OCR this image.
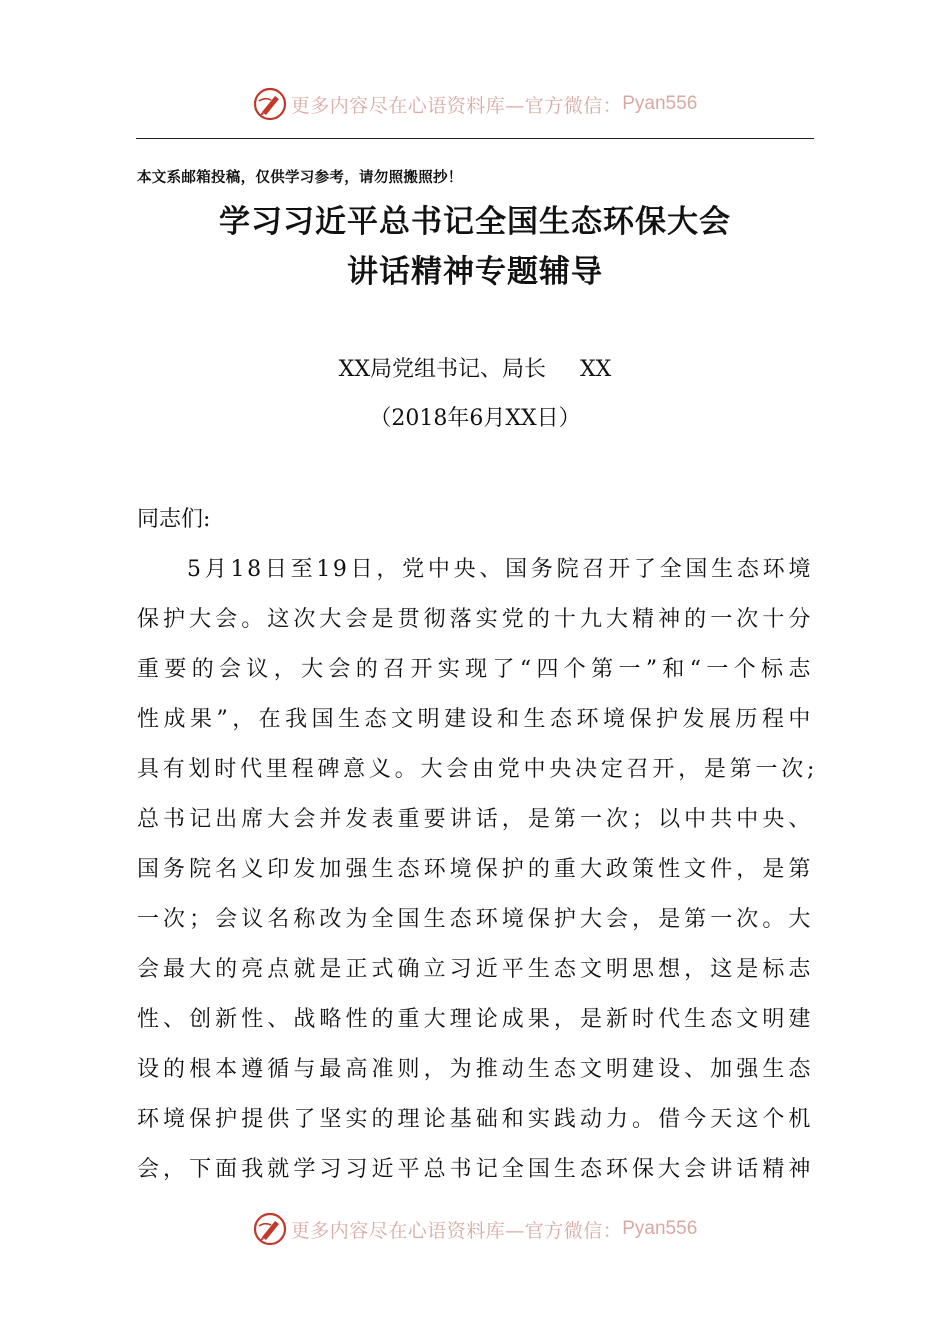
更多内容尽在心语资料库—官方微信： Pyan556
本文系邮箱投稿，仅供学习参考，请勿照搬照抄！
学习习近平总书记全国生态环保大会
讲话精神专题辅导
XX局党组书记、局长 XX
（2018年6月XX日）
同志们:
5月18日至19日，党中央、国务院召开了全国生态环境
保护大会。这次大会是贯彻落实党的十九大精神的一次十分
重要的会议，大会的召开实现了“四个第一”和“一个标志
性成果”，在我国生态文明建设和生态环境保护发展历程中
具有划时代里程碑意义。大会由党中央决定召开，是第一次;
总书记出席大会并发表重要讲话，是第一次；以中共中央、
国务院名义印发加强生态环境保护的重大政策性文件，是第
一次；会议名称改为全国生态环境保护大会，是第一次。大
会最大的亮点就是正式确立习近平生态文明思想，这是标志
性、创新性、战略性的重大理论成果，是新时代生态文明建
设的根本遵循与最高准则，为推动生态文明建设、加强生态
环境保护提供了坚实的理论基础和实践动力。借今天这个机
会，下面我就学习习近平总书记全国生态环保大会讲话精神
更多内容尽在心语资料库—官方微信： Pyan556
